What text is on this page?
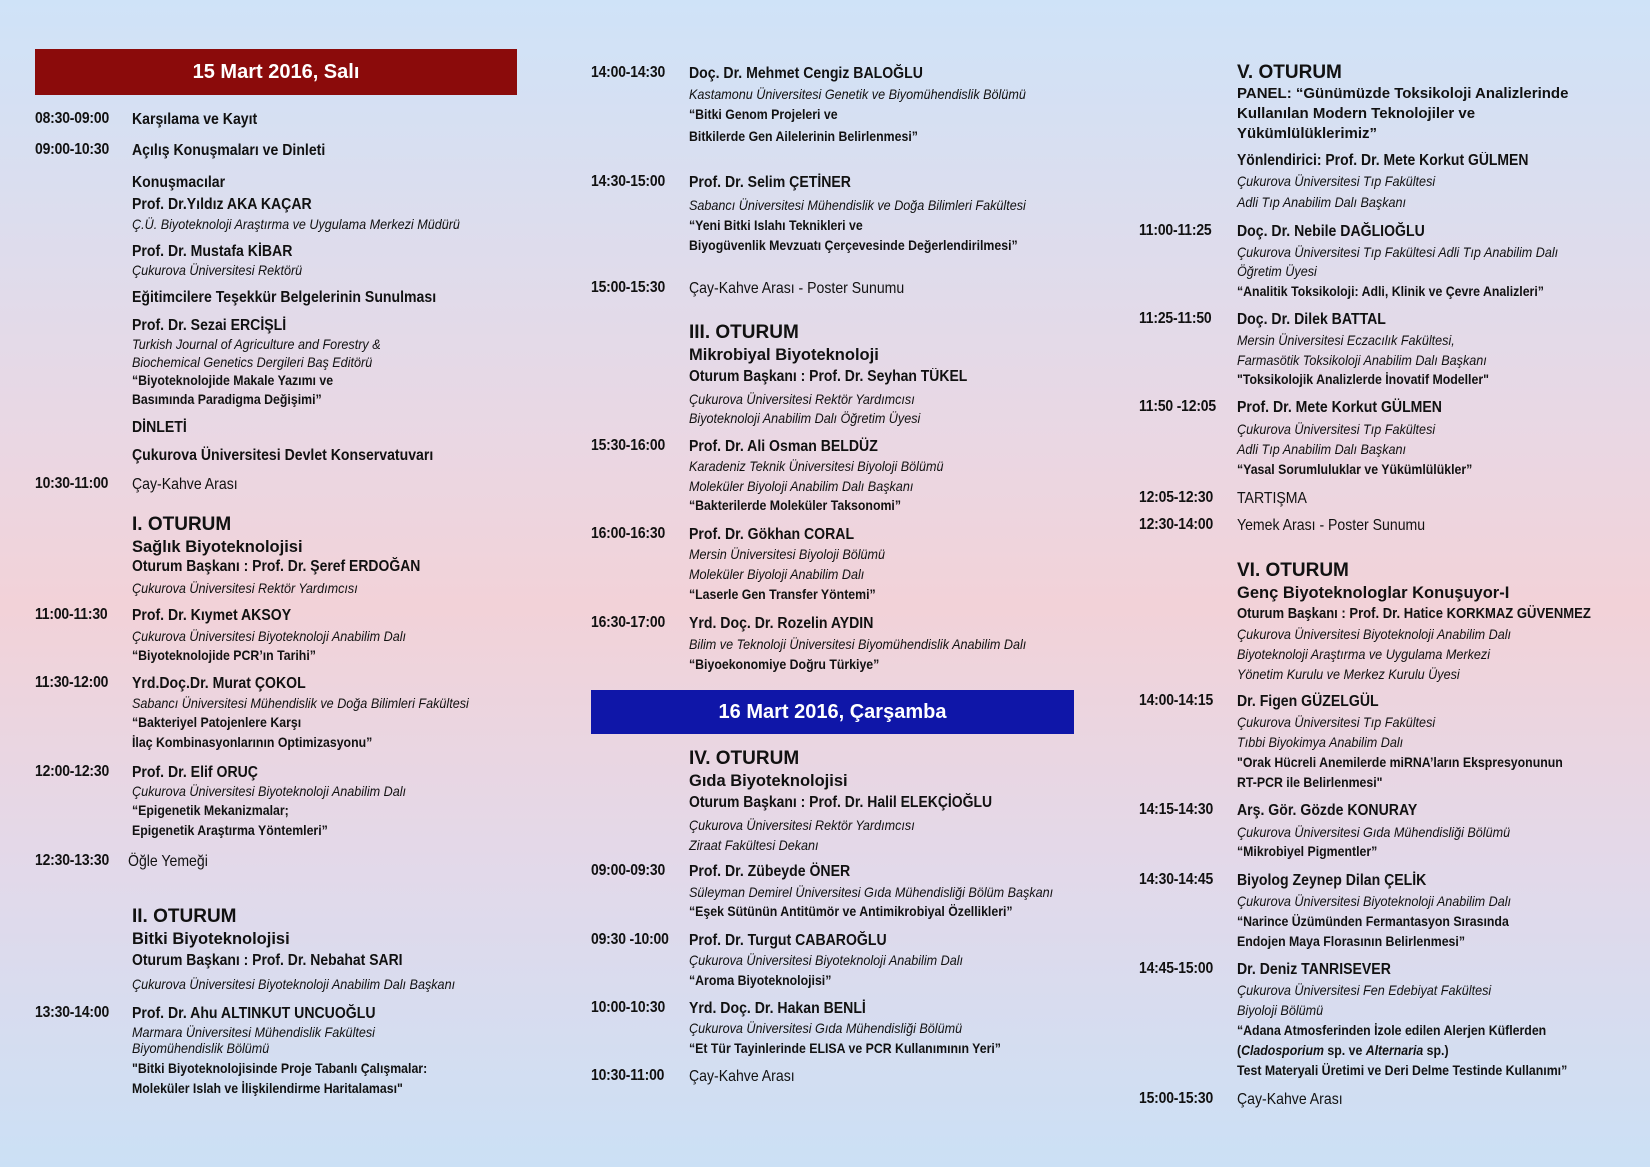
15 Mart 2016, Salı
16 Mart 2016, Çarşamba
08:30-09:00 Karşılama ve Kayıt
09:00-10:30 Açılış Konuşmaları ve Dinleti
Konuşmacılar
Prof. Dr.Yıldız AKA KAÇAR
Ç.Ü. Biyoteknoloji Araştırma ve Uygulama Merkezi Müdürü
Prof. Dr. Mustafa KİBAR
Çukurova Üniversitesi Rektörü
Eğitimcilere Teşekkür Belgelerinin Sunulması
Prof. Dr. Sezai ERCİŞLİ
Turkish Journal of Agriculture and Forestry &
Biochemical Genetics Dergileri Baş Editörü
“Biyoteknolojide Makale Yazımı ve
Basımında Paradigma Değişimi”
DİNLETİ
Çukurova Üniversitesi Devlet Konservatuvarı
10:30-11:00 Çay-Kahve Arası
I. OTURUM
Sağlık Biyoteknolojisi
Oturum Başkanı : Prof. Dr. Şeref ERDOĞAN
Çukurova Üniversitesi Rektör Yardımcısı
11:00-11:30 Prof. Dr. Kıymet AKSOY
Çukurova Üniversitesi Biyoteknoloji Anabilim Dalı
“Biyoteknolojide PCR’ın Tarihi”
11:30-12:00 Yrd.Doç.Dr. Murat ÇOKOL
Sabancı Üniversitesi Mühendislik ve Doğa Bilimleri Fakültesi
“Bakteriyel Patojenlere Karşı
İlaç Kombinasyonlarının Optimizasyonu”
12:00-12:30 Prof. Dr. Elif ORUÇ
Çukurova Üniversitesi Biyoteknoloji Anabilim Dalı
“Epigenetik Mekanizmalar;
Epigenetik Araştırma Yöntemleri”
12:30-13:30 Öğle Yemeği
II. OTURUM
Bitki Biyoteknolojisi
Oturum Başkanı : Prof. Dr. Nebahat SARI
Çukurova Üniversitesi Biyoteknoloji Anabilim Dalı Başkanı
13:30-14:00 Prof. Dr. Ahu ALTINKUT UNCUOĞLU
Marmara Üniversitesi Mühendislik Fakültesi
Biyomühendislik Bölümü
"Bitki Biyoteknolojisinde Proje Tabanlı Çalışmalar:
Moleküler Islah ve İlişkilendirme Haritalaması"
14:00-14:30 Doç. Dr. Mehmet Cengiz BALOĞLU
Kastamonu Üniversitesi Genetik ve Biyomühendislik Bölümü
“Bitki Genom Projeleri ve
Bitkilerde Gen Ailelerinin Belirlenmesi”
14:30-15:00 Prof. Dr. Selim ÇETİNER
Sabancı Üniversitesi Mühendislik ve Doğa Bilimleri Fakültesi
“Yeni Bitki Islahı Teknikleri ve
Biyogüvenlik Mevzuatı Çerçevesinde Değerlendirilmesi”
15:00-15:30 Çay-Kahve Arası - Poster Sunumu
III. OTURUM
Mikrobiyal Biyoteknoloji
Oturum Başkanı : Prof. Dr. Seyhan TÜKEL
Çukurova Üniversitesi Rektör Yardımcısı
Biyoteknoloji Anabilim Dalı Öğretim Üyesi
15:30-16:00 Prof. Dr. Ali Osman BELDÜZ
Karadeniz Teknik Üniversitesi Biyoloji Bölümü
Moleküler Biyoloji Anabilim Dalı Başkanı
“Bakterilerde Moleküler Taksonomi”
16:00-16:30 Prof. Dr. Gökhan CORAL
Mersin Üniversitesi Biyoloji Bölümü
Moleküler Biyoloji Anabilim Dalı
“Laserle Gen Transfer Yöntemi”
16:30-17:00 Yrd. Doç. Dr. Rozelin AYDIN
Bilim ve Teknoloji Üniversitesi Biyomühendislik Anabilim Dalı
“Biyoekonomiye Doğru Türkiye”
IV. OTURUM
Gıda Biyoteknolojisi
Oturum Başkanı : Prof. Dr. Halil ELEKÇİOĞLU
Çukurova Üniversitesi Rektör Yardımcısı
Ziraat Fakültesi Dekanı
09:00-09:30 Prof. Dr. Zübeyde ÖNER
Süleyman Demirel Üniversitesi Gıda Mühendisliği Bölüm Başkanı
“Eşek Sütünün Antitümör ve Antimikrobiyal Özellikleri”
09:30 -10:00 Prof. Dr. Turgut CABAROĞLU
Çukurova Üniversitesi Biyoteknoloji Anabilim Dalı
“Aroma Biyoteknolojisi”
10:00-10:30 Yrd. Doç. Dr. Hakan BENLİ
Çukurova Üniversitesi Gıda Mühendisliği Bölümü
“Et Tür Tayinlerinde ELISA ve PCR Kullanımının Yeri”
10:30-11:00 Çay-Kahve Arası
V. OTURUM
PANEL: “Günümüzde Toksikoloji Analizlerinde
Kullanılan Modern Teknolojiler ve
Yükümlülüklerimiz”
Yönlendirici: Prof. Dr. Mete Korkut GÜLMEN
Çukurova Üniversitesi Tıp Fakültesi
Adli Tıp Anabilim Dalı Başkanı
11:00-11:25 Doç. Dr. Nebile DAĞLIOĞLU
Çukurova Üniversitesi Tıp Fakültesi Adli Tıp Anabilim Dalı
Öğretim Üyesi
“Analitik Toksikoloji: Adli, Klinik ve Çevre Analizleri”
11:25-11:50 Doç. Dr. Dilek BATTAL
Mersin Üniversitesi Eczacılık Fakültesi,
Farmasötik Toksikoloji Anabilim Dalı Başkanı
"Toksikolojik Analizlerde İnovatif Modeller"
11:50 -12:05 Prof. Dr. Mete Korkut GÜLMEN
Çukurova Üniversitesi Tıp Fakültesi
Adli Tıp Anabilim Dalı Başkanı
“Yasal Sorumluluklar ve Yükümlülükler”
12:05-12:30 TARTIŞMA
12:30-14:00 Yemek Arası - Poster Sunumu
VI. OTURUM
Genç Biyoteknologlar Konuşuyor-I
Oturum Başkanı : Prof. Dr. Hatice KORKMAZ GÜVENMEZ
Çukurova Üniversitesi Biyoteknoloji Anabilim Dalı
Biyoteknoloji Araştırma ve Uygulama Merkezi
Yönetim Kurulu ve Merkez Kurulu Üyesi
14:00-14:15 Dr. Figen GÜZELGÜL
Çukurova Üniversitesi Tıp Fakültesi
Tıbbi Biyokimya Anabilim Dalı
"Orak Hücreli Anemilerde miRNA’ların Ekspresyonunun
RT-PCR ile Belirlenmesi"
14:15-14:30 Arş. Gör. Gözde KONURAY
Çukurova Üniversitesi Gıda Mühendisliği Bölümü
“Mikrobiyel Pigmentler”
14:30-14:45 Biyolog Zeynep Dilan ÇELİK
Çukurova Üniversitesi Biyoteknoloji Anabilim Dalı
“Narince Üzümünden Fermantasyon Sırasında
Endojen Maya Florasının Belirlenmesi”
14:45-15:00 Dr. Deniz TANRISEVER
Çukurova Üniversitesi Fen Edebiyat Fakültesi
Biyoloji Bölümü
“Adana Atmosferinden İzole edilen Alerjen Küflerden
(Cladosporium sp. ve Alternaria sp.)
Test Materyali Üretimi ve Deri Delme Testinde Kullanımı”
15:00-15:30 Çay-Kahve Arası
